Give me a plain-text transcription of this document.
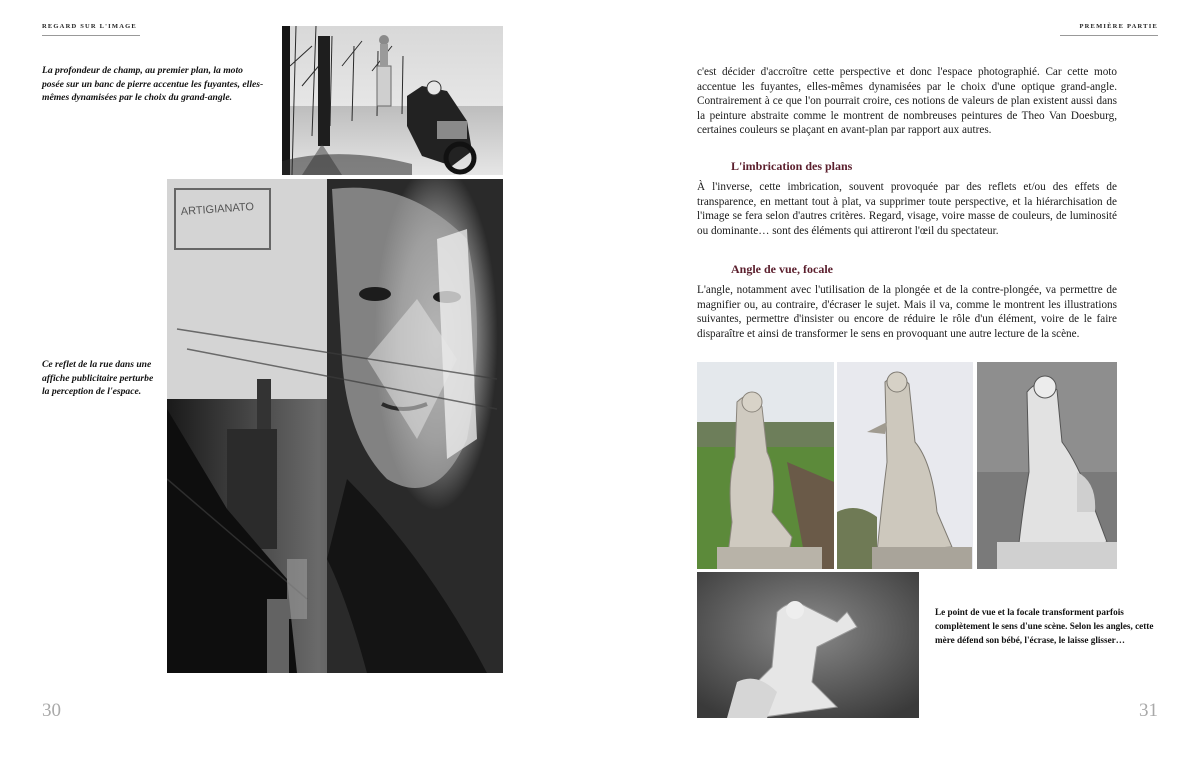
REGARD SUR L'IMAGE
La profondeur de champ, au premier plan, la moto posée sur un banc de pierre accentue les fuyantes, elles-mêmes dynamisées par le choix du grand-angle.
ARTIGIANATO
Ce reflet de la rue dans une affiche publicitaire perturbe la perception de l'espace.
30
PREMIÈRE PARTIE
c'est décider d'accroître cette perspective et donc l'espace photographié. Car cette moto accentue les fuyantes, elles-mêmes dynamisées par le choix d'une optique grand-angle. Contrairement à ce que l'on pourrait croire, ces notions de valeurs de plan existent aussi dans la peinture abstraite comme le montrent de nombreuses peintures de Theo Van Doesburg, certaines couleurs se plaçant en avant-plan par rapport aux autres.
L'imbrication des plans
À l'inverse, cette imbrication, souvent provoquée par des reflets et/ou des effets de transparence, en mettant tout à plat, va supprimer toute perspective, et la hiérarchisation de l'image se fera selon d'autres critères. Regard, visage, voire masse de couleurs, de luminosité ou dominante… sont des éléments qui attireront l'œil du spectateur.
Angle de vue, focale
L'angle, notamment avec l'utilisation de la plongée et de la contre-plongée, va permettre de magnifier ou, au contraire, d'écraser le sujet. Mais il va, comme le montrent les illustrations suivantes, permettre d'insister ou encore de réduire le rôle d'un élément, voire de le faire disparaître et ainsi de transformer le sens en provoquant une autre lecture de la scène.
Le point de vue et la focale transforment parfois complètement le sens d'une scène. Selon les angles, cette mère défend son bébé, l'écrase, le laisse glisser…
31
